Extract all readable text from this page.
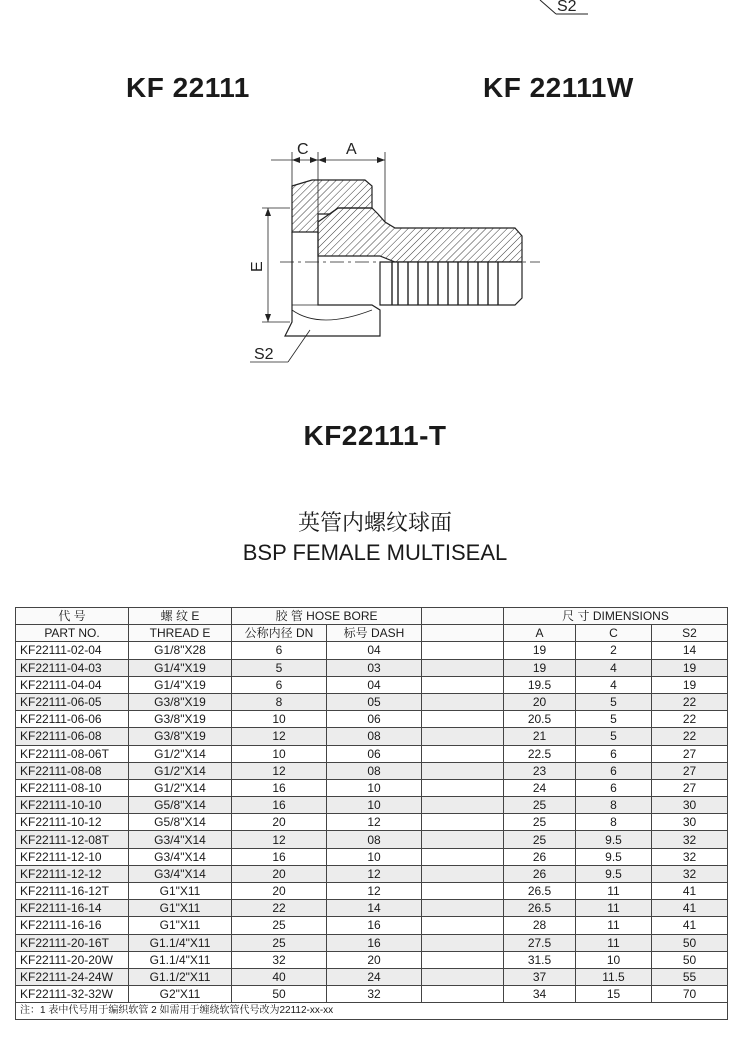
S2
C A
E
S2
KF 22111	KF 22111W
KF22111-T
英管内螺纹球面
BSP FEMALE MULTISEAL
代 号	螺 纹 E	胶 管 HOSE BORE			尺 寸 DIMENSIONS		
PART NO.	THREAD E	公称内径 DN	标号 DASH		A	C	S2
KF22111-02-04	G1/8"X28	6	04		19	2	14
KF22111-04-03	G1/4"X19	5	03		19	4	19
KF22111-04-04	G1/4"X19	6	04		19.5	4	19
KF22111-06-05	G3/8"X19	8	05		20	5	22
KF22111-06-06	G3/8"X19	10	06		20.5	5	22
KF22111-06-08	G3/8"X19	12	08		21	5	22
KF22111-08-06T	G1/2"X14	10	06		22.5	6	27
KF22111-08-08	G1/2"X14	12	08		23	6	27
KF22111-08-10	G1/2"X14	16	10		24	6	27
KF22111-10-10	G5/8"X14	16	10		25	8	30
KF22111-10-12	G5/8"X14	20	12		25	8	30
KF22111-12-08T	G3/4"X14	12	08		25	9.5	32
KF22111-12-10	G3/4"X14	16	10		26	9.5	32
KF22111-12-12	G3/4"X14	20	12		26	9.5	32
KF22111-16-12T	G1"X11	20	12		26.5	11	41
KF22111-16-14	G1"X11	22	14		26.5	11	41
KF22111-16-16	G1"X11	25	16		28	11	41
KF22111-20-16T	G1.1/4"X11	25	16		27.5	11	50
KF22111-20-20W	G1.1/4"X11	32	20		31.5	10	50
KF22111-24-24W	G1.1/2"X11	40	24		37	11.5	55
KF22111-32-32W	G2"X11	50	32		34	15	70
注：1 表中代号用于编织软管 2 如需用于缠绕软管代号改为22112-xx-xx							
